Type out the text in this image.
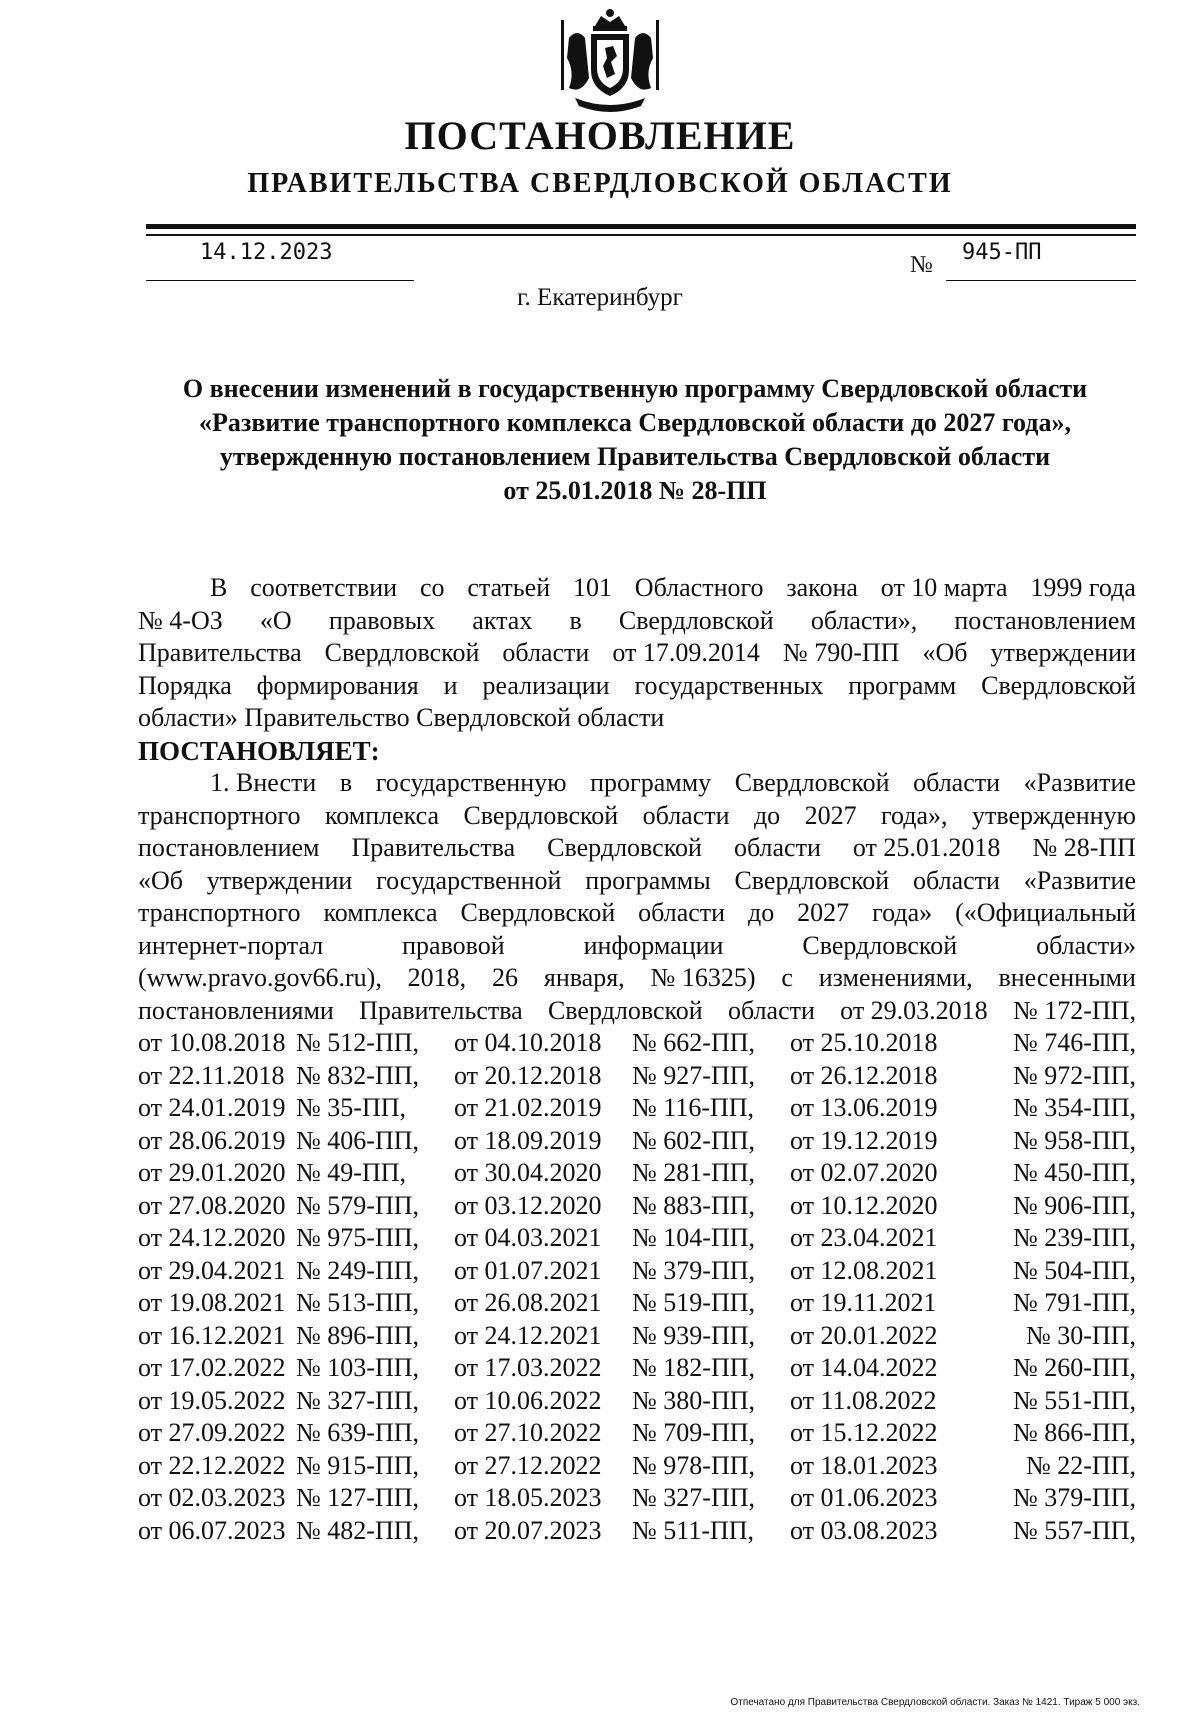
ПОСТАНОВЛЕНИЕ
ПРАВИТЕЛЬСТВА СВЕРДЛОВСКОЙ ОБЛАСТИ
14.12.2023	№ 945-ПП
г. Екатеринбург
О внесении изменений в государственную программу Свердловской области
«Развитие транспортного комплекса Свердловской области до 2027 года»,
утвержденную постановлением Правительства Свердловской области
от 25.01.2018 № 28-ПП
В соответствии со статьей 101 Областного закона от 10 марта 1999 года
№ 4-ОЗ «О правовых актах в Свердловской области», постановлением
Правительства Свердловской области от 17.09.2014 № 790-ПП «Об утверждении
Порядка формирования и реализации государственных программ Свердловской
области» Правительство Свердловской области
ПОСТАНОВЛЯЕТ:
1. Внести в государственную программу Свердловской области «Развитие
транспортного комплекса Свердловской области до 2027 года», утвержденную
постановлением Правительства Свердловской области от 25.01.2018 № 28-ПП
«Об утверждении государственной программы Свердловской области «Развитие
транспортного комплекса Свердловской области до 2027 года» («Официальный
интернет-портал	правовой	информации	Свердловской	области»
(www.pravo.gov66.ru), 2018, 26 января, № 16325) с изменениями, внесенными
постановлениями Правительства Свердловской области от 29.03.2018 № 172-ПП,
от 10.08.2018 № 512-ПП,	от 04.10.2018	№ 662-ПП,	от 25.10.2018	№ 746-ПП,
от 22.11.2018 № 832-ПП,	от 20.12.2018	№ 927-ПП,	от 26.12.2018	№ 972-ПП,
от 24.01.2019 № 35-ПП,	от 21.02.2019	№ 116-ПП,	от 13.06.2019	№ 354-ПП,
от 28.06.2019 № 406-ПП,	от 18.09.2019	№ 602-ПП,	от 19.12.2019	№ 958-ПП,
от 29.01.2020 № 49-ПП,	от 30.04.2020	№ 281-ПП,	от 02.07.2020	№ 450-ПП,
от 27.08.2020 № 579-ПП,	от 03.12.2020	№ 883-ПП,	от 10.12.2020	№ 906-ПП,
от 24.12.2020 № 975-ПП,	от 04.03.2021	№ 104-ПП,	от 23.04.2021	№ 239-ПП,
от 29.04.2021 № 249-ПП,	от 01.07.2021	№ 379-ПП,	от 12.08.2021	№ 504-ПП,
от 19.08.2021 № 513-ПП,	от 26.08.2021	№ 519-ПП,	от 19.11.2021	№ 791-ПП,
от 16.12.2021 № 896-ПП,	от 24.12.2021	№ 939-ПП,	от 20.01.2022	№ 30-ПП,
от 17.02.2022 № 103-ПП,	от 17.03.2022	№ 182-ПП,	от 14.04.2022	№ 260-ПП,
от 19.05.2022 № 327-ПП,	от 10.06.2022	№ 380-ПП,	от 11.08.2022	№ 551-ПП,
от 27.09.2022 № 639-ПП,	от 27.10.2022	№ 709-ПП,	от 15.12.2022	№ 866-ПП,
от 22.12.2022 № 915-ПП,	от 27.12.2022	№ 978-ПП,	от 18.01.2023	№ 22-ПП,
от 02.03.2023 № 127-ПП,	от 18.05.2023	№ 327-ПП,	от 01.06.2023	№ 379-ПП,
от 06.07.2023 № 482-ПП,	от 20.07.2023	№ 511-ПП,	от 03.08.2023	№ 557-ПП,
Отпечатано для Правительства Свердловской области. Заказ № 1421. Тираж 5 000 экз.
